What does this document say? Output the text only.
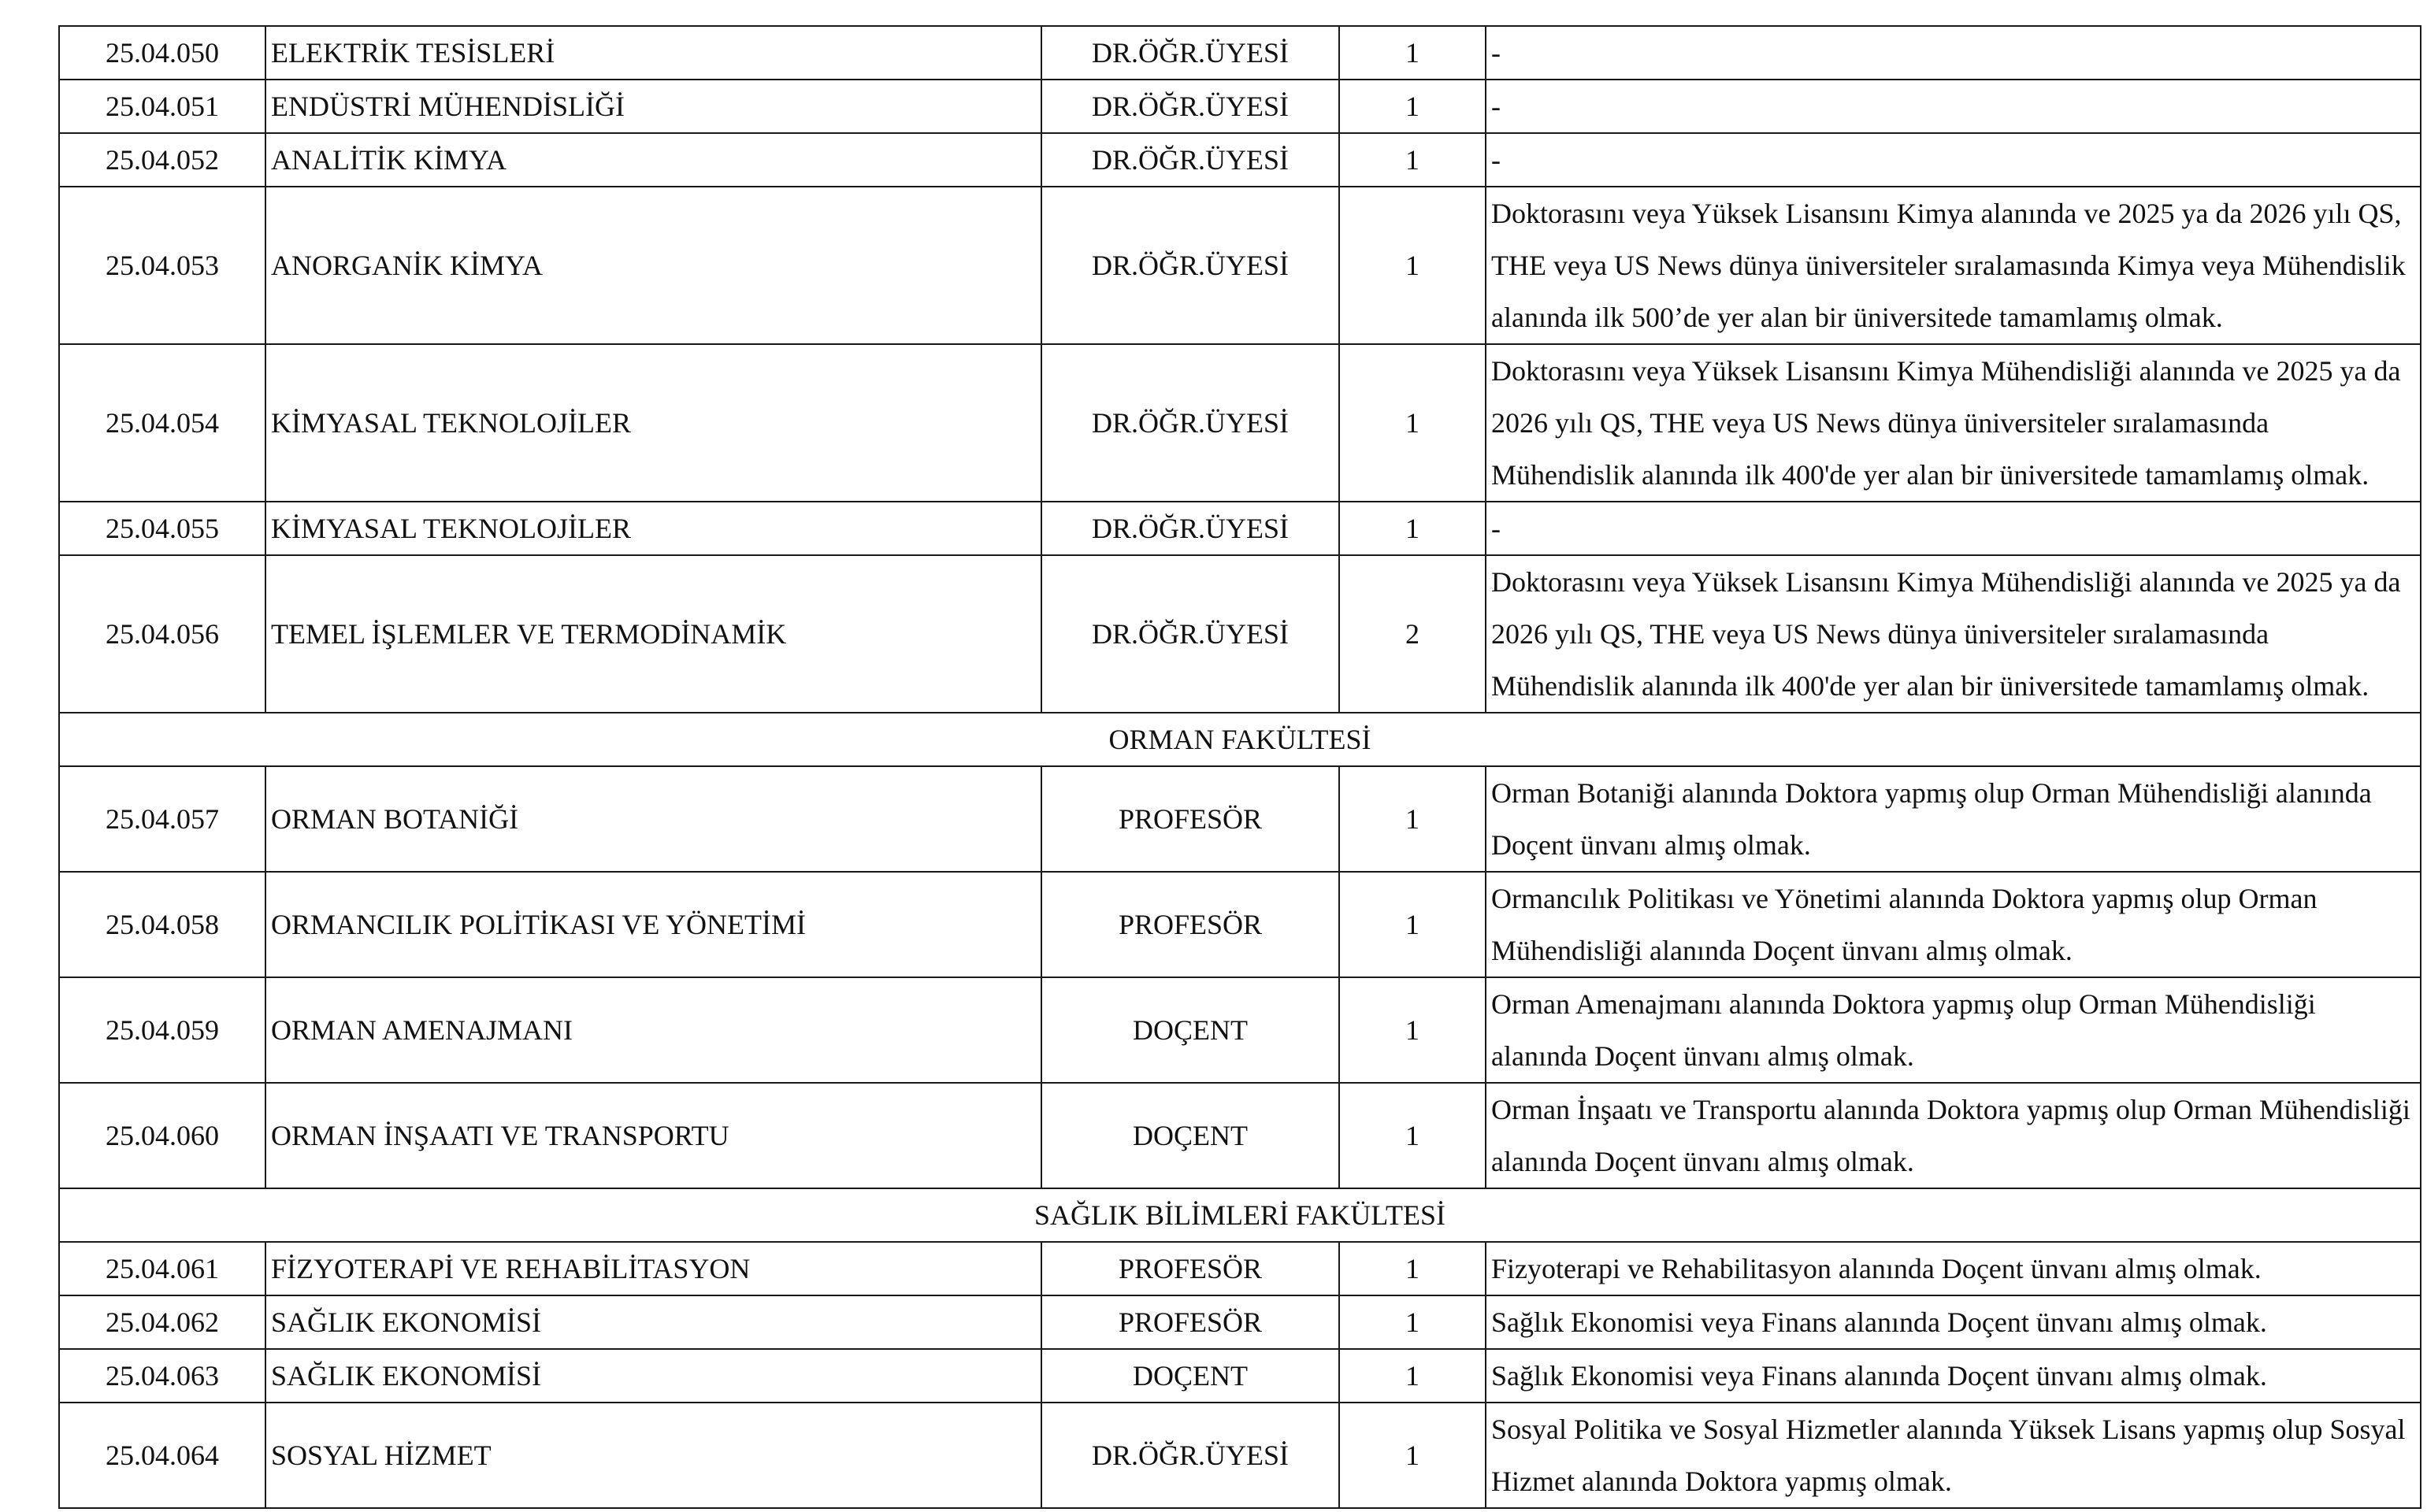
25.04.050	ELEKTRİK TESİSLERİ	DR.ÖĞR.ÜYESİ	1	-
25.04.051	ENDÜSTRİ MÜHENDİSLİĞİ	DR.ÖĞR.ÜYESİ	1	-
25.04.052	ANALİTİK KİMYA	DR.ÖĞR.ÜYESİ	1	-
25.04.053	ANORGANİK KİMYA	DR.ÖĞR.ÜYESİ	1	Doktorasını veya Yüksek Lisansını Kimya alanında ve 2025 ya da 2026 yılı QS, THE veya US News dünya üniversiteler sıralamasında Kimya veya Mühendislik alanında ilk 500’de yer alan bir üniversitede tamamlamış olmak.
25.04.054	KİMYASAL TEKNOLOJİLER	DR.ÖĞR.ÜYESİ	1	Doktorasını veya Yüksek Lisansını Kimya Mühendisliği alanında ve 2025 ya da 2026 yılı QS, THE veya US News dünya üniversiteler sıralamasında Mühendislik alanında ilk 400'de yer alan bir üniversitede tamamlamış olmak.
25.04.055	KİMYASAL TEKNOLOJİLER	DR.ÖĞR.ÜYESİ	1	-
25.04.056	TEMEL İŞLEMLER VE TERMODİNAMİK	DR.ÖĞR.ÜYESİ	2	Doktorasını veya Yüksek Lisansını Kimya Mühendisliği alanında ve 2025 ya da 2026 yılı QS, THE veya US News dünya üniversiteler sıralamasında Mühendislik alanında ilk 400'de yer alan bir üniversitede tamamlamış olmak.
ORMAN FAKÜLTESİ				
25.04.057	ORMAN BOTANİĞİ	PROFESÖR	1	Orman Botaniği alanında Doktora yapmış olup Orman Mühendisliği alanında Doçent ünvanı almış olmak.
25.04.058	ORMANCILIK POLİTİKASI VE YÖNETİMİ	PROFESÖR	1	Ormancılık Politikası ve Yönetimi alanında Doktora yapmış olup Orman Mühendisliği alanında Doçent ünvanı almış olmak.
25.04.059	ORMAN AMENAJMANI	DOÇENT	1	Orman Amenajmanı alanında Doktora yapmış olup Orman Mühendisliği alanında Doçent ünvanı almış olmak.
25.04.060	ORMAN İNŞAATI VE TRANSPORTU	DOÇENT	1	Orman İnşaatı ve Transportu alanında Doktora yapmış olup Orman Mühendisliği alanında Doçent ünvanı almış olmak.
SAĞLIK BİLİMLERİ FAKÜLTESİ				
25.04.061	FİZYOTERAPİ VE REHABİLİTASYON	PROFESÖR	1	Fizyoterapi ve Rehabilitasyon alanında Doçent ünvanı almış olmak.
25.04.062	SAĞLIK EKONOMİSİ	PROFESÖR	1	Sağlık Ekonomisi veya Finans alanında Doçent ünvanı almış olmak.
25.04.063	SAĞLIK EKONOMİSİ	DOÇENT	1	Sağlık Ekonomisi veya Finans alanında Doçent ünvanı almış olmak.
25.04.064	SOSYAL HİZMET	DR.ÖĞR.ÜYESİ	1	Sosyal Politika ve Sosyal Hizmetler alanında Yüksek Lisans yapmış olup Sosyal Hizmet alanında Doktora yapmış olmak.
